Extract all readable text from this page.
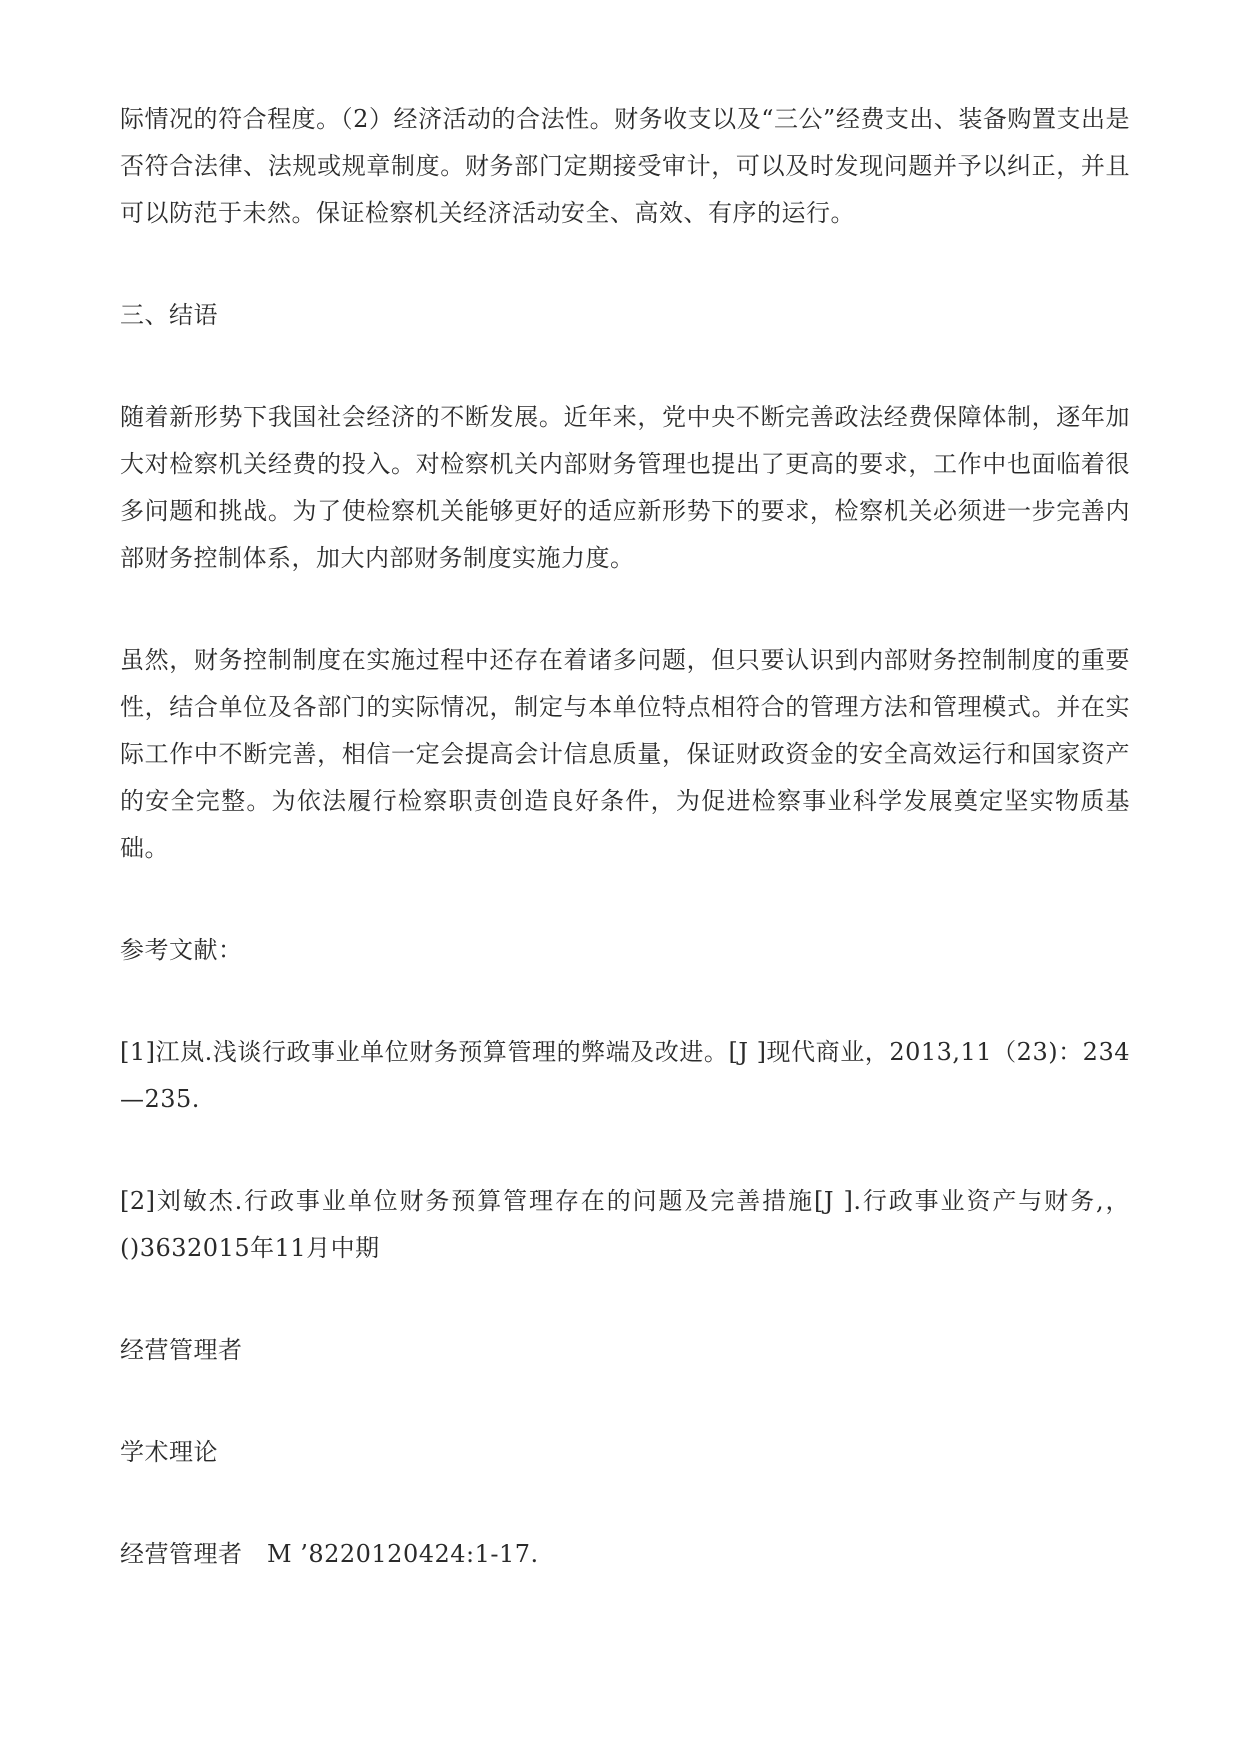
际情况的符合程度。（2）经济活动的合法性。财务收支以及“三公”经费支出、装备购置支出是否符合法律、法规或规章制度。财务部门定期接受审计，可以及时发现问题并予以纠正，并且可以防范于未然。保证检察机关经济活动安全、高效、有序的运行。

三、结语

随着新形势下我国社会经济的不断发展。近年来，党中央不断完善政法经费保障体制，逐年加大对检察机关经费的投入。对检察机关内部财务管理也提出了更高的要求，工作中也面临着很多问题和挑战。为了使检察机关能够更好的适应新形势下的要求，检察机关必须进一步完善内部财务控制体系，加大内部财务制度实施力度。

虽然，财务控制制度在实施过程中还存在着诸多问题，但只要认识到内部财务控制制度的重要性，结合单位及各部门的实际情况，制定与本单位特点相符合的管理方法和管理模式。并在实际工作中不断完善，相信一定会提高会计信息质量，保证财政资金的安全高效运行和国家资产的安全完整。为依法履行检察职责创造良好条件，为促进检察事业科学发展奠定坚实物质基础。

参考文献：

[1]江岚.浅谈行政事业单位财务预算管理的弊端及改进。[J ]现代商业，2013,11（23)：234—235.

[2]刘敏杰.行政事业单位财务预算管理存在的问题及完善措施[J ].行政事业资产与财务,，()3632015年11月中期

经营管理者

学术理论

经营管理者　M ’8220120424:1-17.
